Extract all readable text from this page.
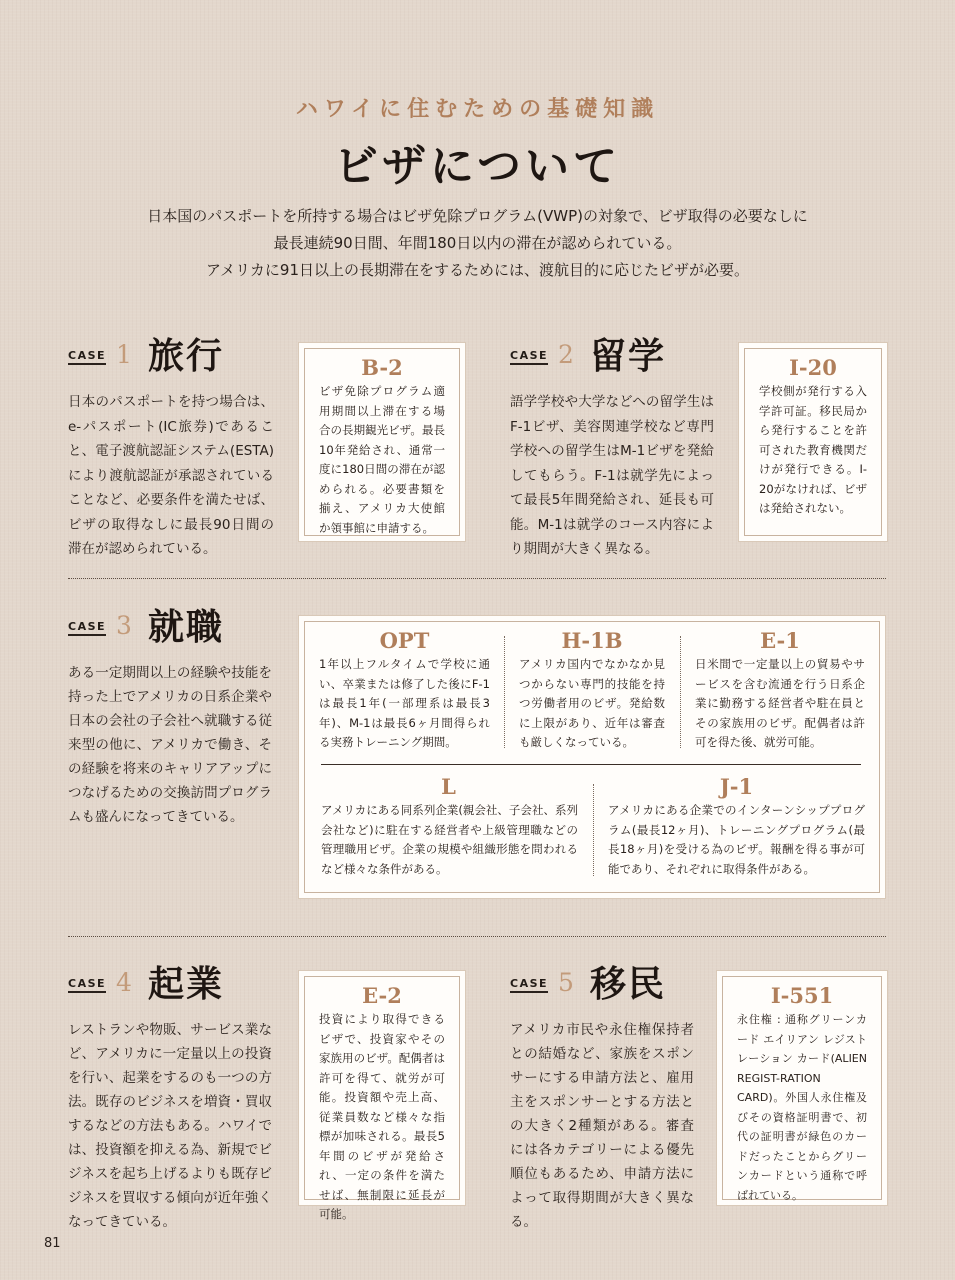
ハワイに住むための基礎知識
ビザについて
日本国のパスポートを所持する場合はビザ免除プログラム(VWP)の対象で、ビザ取得の必要なしに
最長連続90日間、年間180日以内の滞在が認められている。
アメリカに91日以上の長期滞在をするためには、渡航目的に応じたビザが必要。
CASE 1 旅行
日本のパスポートを持つ場合は、e-パスポート(IC旅券)であること、電子渡航認証システム(ESTA)により渡航認証が承認されていることなど、必要条件を満たせば、ビザの取得なしに最長90日間の滞在が認められている。
B-2
ビザ免除プログラム適用期間以上滞在する場合の長期観光ビザ。最長10年発給され、通常一度に180日間の滞在が認められる。必要書類を揃え、アメリカ大使館か領事館に申請する。
CASE 2 留学
語学学校や大学などへの留学生はF-1ビザ、美容関連学校など専門学校への留学生はM-1ビザを発給してもらう。F-1は就学先によって最長5年間発給され、延長も可能。M-1は就学のコース内容により期間が大きく異なる。
I-20
学校側が発行する入学許可証。移民局から発行することを許可された教育機関だけが発行できる。I-20がなければ、ビザは発給されない。
CASE 3 就職
ある一定期間以上の経験や技能を持った上でアメリカの日系企業や日本の会社の子会社へ就職する従来型の他に、アメリカで働き、その経験を将来のキャリアアップにつなげるための交換訪問プログラムも盛んになってきている。
OPT
1年以上フルタイムで学校に通い、卒業または修了した後にF-1は最長1年(一部理系は最長3年)、M-1は最長6ヶ月間得られる実務トレーニング期間。
H-1B
アメリカ国内でなかなか見つからない専門的技能を持つ労働者用のビザ。発給数に上限があり、近年は審査も厳しくなっている。
E-1
日米間で一定量以上の貿易やサービスを含む流通を行う日系企業に勤務する経営者や駐在員とその家族用のビザ。配偶者は許可を得た後、就労可能。
L
アメリカにある同系列企業(親会社、子会社、系列会社など)に駐在する経営者や上級管理職などの管理職用ビザ。企業の規模や組織形態を問われるなど様々な条件がある。
J-1
アメリカにある企業でのインターンシッププログラム(最長12ヶ月)、トレーニングプログラム(最長18ヶ月)を受ける為のビザ。報酬を得る事が可能であり、それぞれに取得条件がある。
CASE 4 起業
レストランや物販、サービス業など、アメリカに一定量以上の投資を行い、起業をするのも一つの方法。既存のビジネスを増資・買収するなどの方法もある。ハワイでは、投資額を抑える為、新規でビジネスを起ち上げるよりも既存ビジネスを買収する傾向が近年強くなってきている。
E-2
投資により取得できるビザで、投資家やその家族用のビザ。配偶者は許可を得て、就労が可能。投資額や売上高、従業員数など様々な指標が加味される。最長5年間のビザが発給され、一定の条件を満たせば、無制限に延長が可能。
CASE 5 移民
アメリカ市民や永住権保持者との結婚など、家族をスポンサーにする申請方法と、雇用主をスポンサーとする方法との大きく2種類がある。審査には各カテゴリーによる優先順位もあるため、申請方法によって取得期間が大きく異なる。
I-551
永住権 : 通称グリーンカード エイリアン レジストレーション カード(ALIEN REGIST-RATION CARD)。外国人永住権及びその資格証明書で、初代の証明書が緑色のカードだったことからグリーンカードという通称で呼ばれている。
81
